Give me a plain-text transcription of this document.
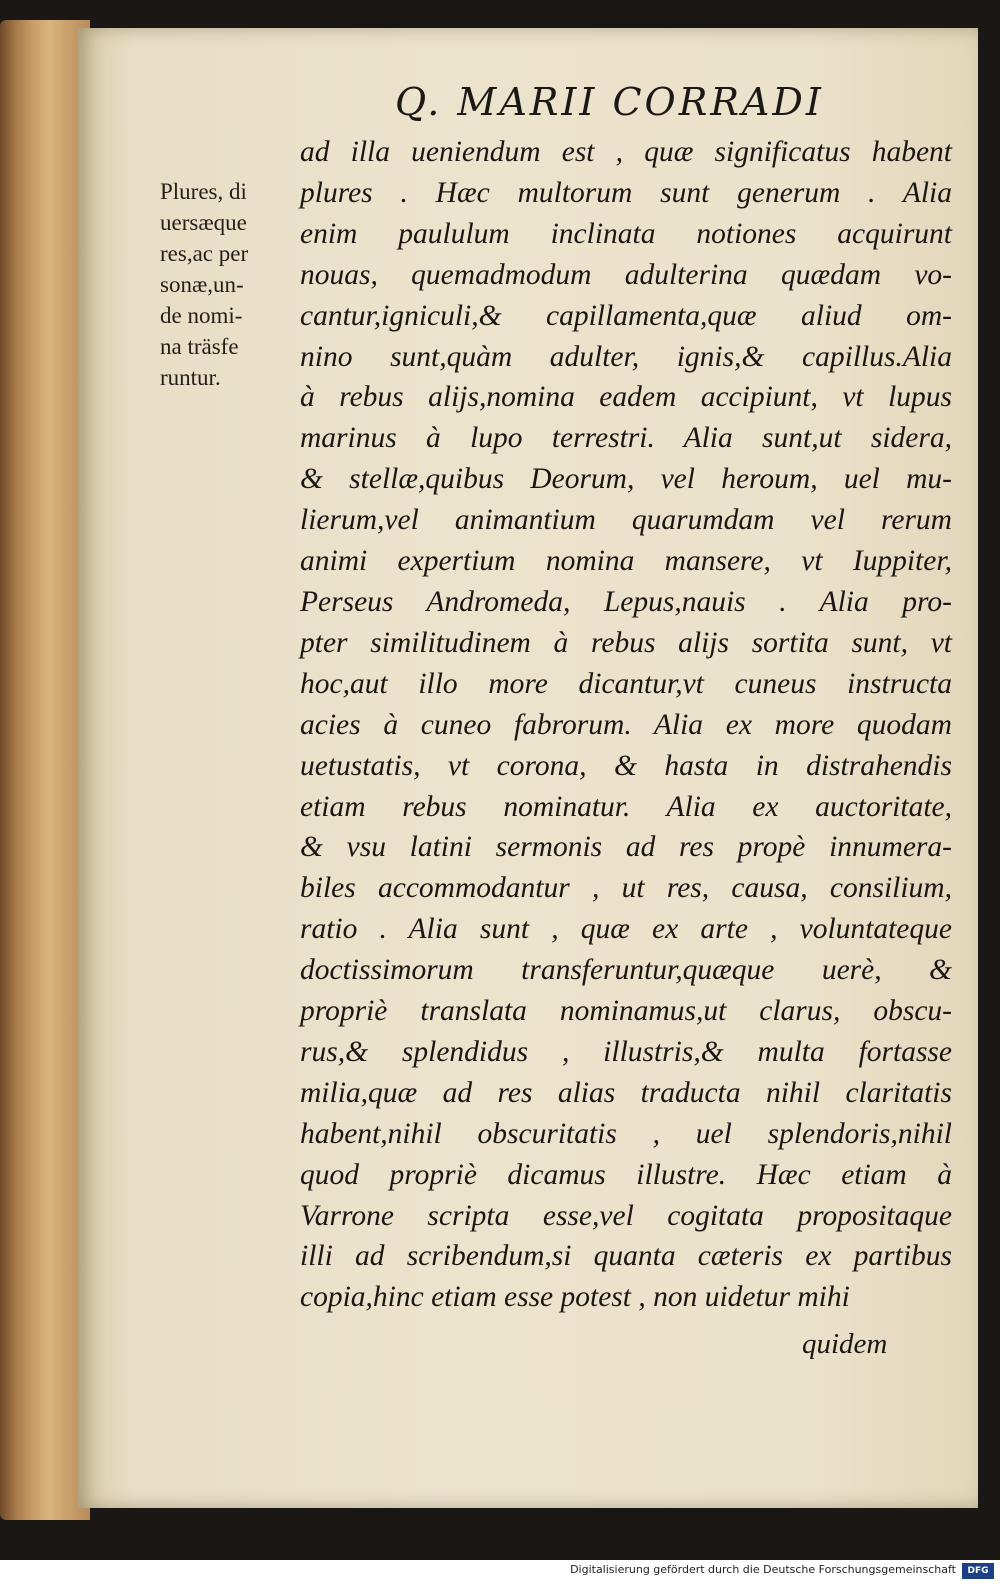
Q. MARII CORRADI
Plures, di
uersæque
res,ac per
sonæ,un-
de nomi-
na träsfe
runtur.
ad illa ueniendum est , quæ significatus habent
plures . Hæc multorum sunt generum . Alia
enim paululum inclinata notiones acquirunt
nouas, quemadmodum adulterina quædam vo-
cantur,igniculi,& capillamenta,quæ aliud om-
nino sunt,quàm adulter, ignis,& capillus.Alia
à rebus alijs,nomina eadem accipiunt, vt lupus
marinus à lupo terrestri. Alia sunt,ut sidera,
& stellæ,quibus Deorum, vel heroum, uel mu-
lierum,vel animantium quarumdam vel rerum
animi expertium nomina mansere, vt Iuppiter,
Perseus Andromeda, Lepus,nauis . Alia pro-
pter similitudinem à rebus alijs sortita sunt, vt
hoc,aut illo more dicantur,vt cuneus instructa
acies à cuneo fabrorum. Alia ex more quodam
uetustatis, vt corona, & hasta in distrahendis
etiam rebus nominatur. Alia ex auctoritate,
& vsu latini sermonis ad res propè innumera-
biles accommodantur , ut res, causa, consilium,
ratio . Alia sunt , quæ ex arte , voluntateque
doctissimorum transferuntur,quæque uerè, &
propriè translata nominamus,ut clarus, obscu-
rus,& splendidus , illustris,& multa fortasse
milia,quæ ad res alias traducta nihil claritatis
habent,nihil obscuritatis , uel splendoris,nihil
quod propriè dicamus illustre. Hæc etiam à
Varrone scripta esse,vel cogitata propositaque
illi ad scribendum,si quanta cæteris ex partibus
copia,hinc etiam esse potest , non uidetur mihi
quidem
Digitalisierung gefördert durch die Deutsche Forschungsgemeinschaft	DFG
